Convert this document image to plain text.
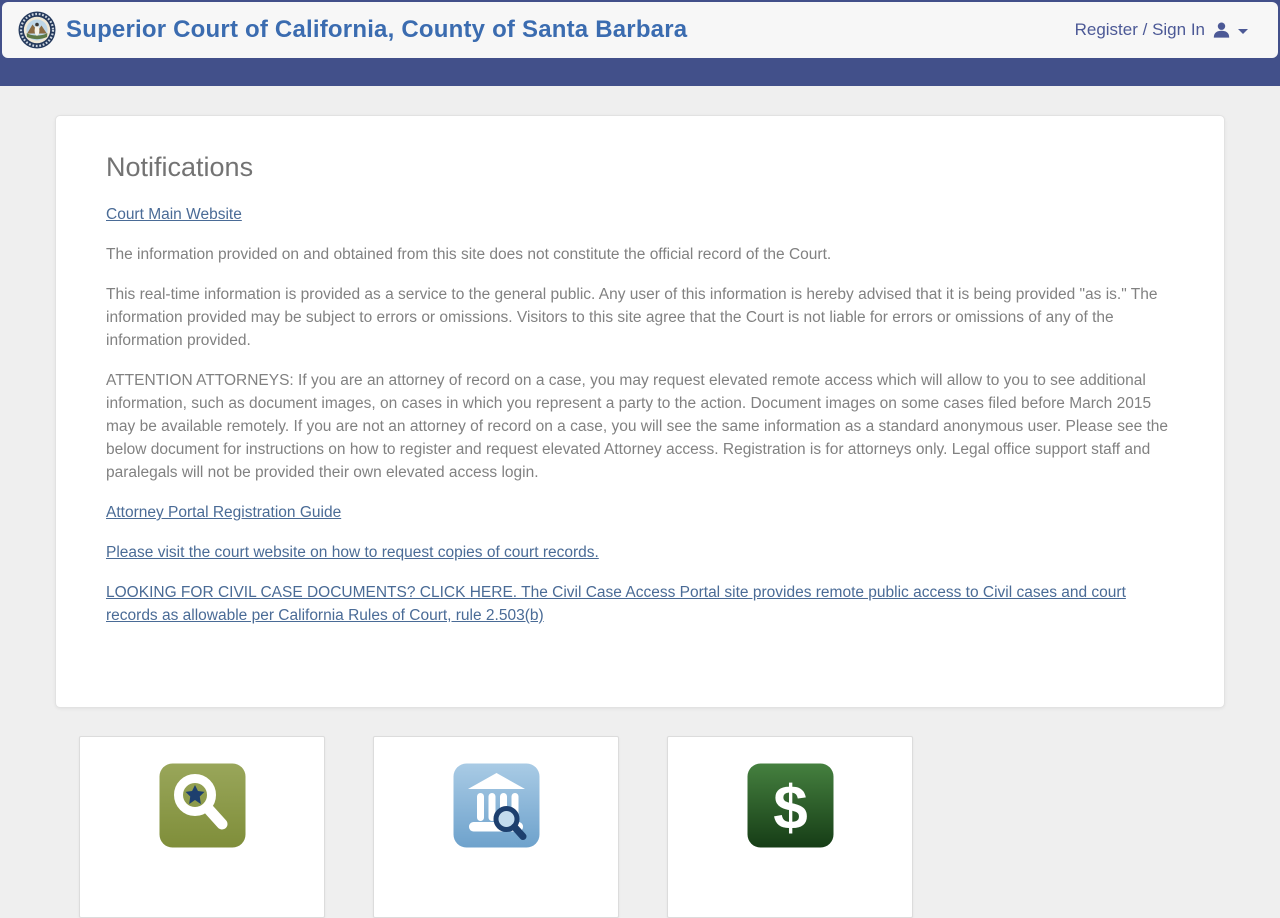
Superior Court of California, County of Santa Barbara	Register / Sign In
Notifications
Court Main Website

The information provided on and obtained from this site does not constitute the official record of the Court.

This real-time information is provided as a service to the general public. Any user of this information is hereby advised that it is being provided "as is." The information provided may be subject to errors or omissions. Visitors to this site agree that the Court is not liable for errors or omissions of any of the information provided.

ATTENTION ATTORNEYS: If you are an attorney of record on a case, you may request elevated remote access which will allow to you to see additional information, such as document images, on cases in which you represent a party to the action. Document images on some cases filed before March 2015 may be available remotely. If you are not an attorney of record on a case, you will see the same information as a standard anonymous user. Please see the below document for instructions on how to register and request elevated Attorney access. Registration is for attorneys only. Legal office support staff and paralegals will not be provided their own elevated access login.

Attorney Portal Registration Guide
Please visit the court website on how to request copies of court records.
LOOKING FOR CIVIL CASE DOCUMENTS? CLICK HERE. The Civil Case Access Portal site provides remote public access to Civil cases and court records as allowable per California Rules of Court, rule 2.503(b)
$
